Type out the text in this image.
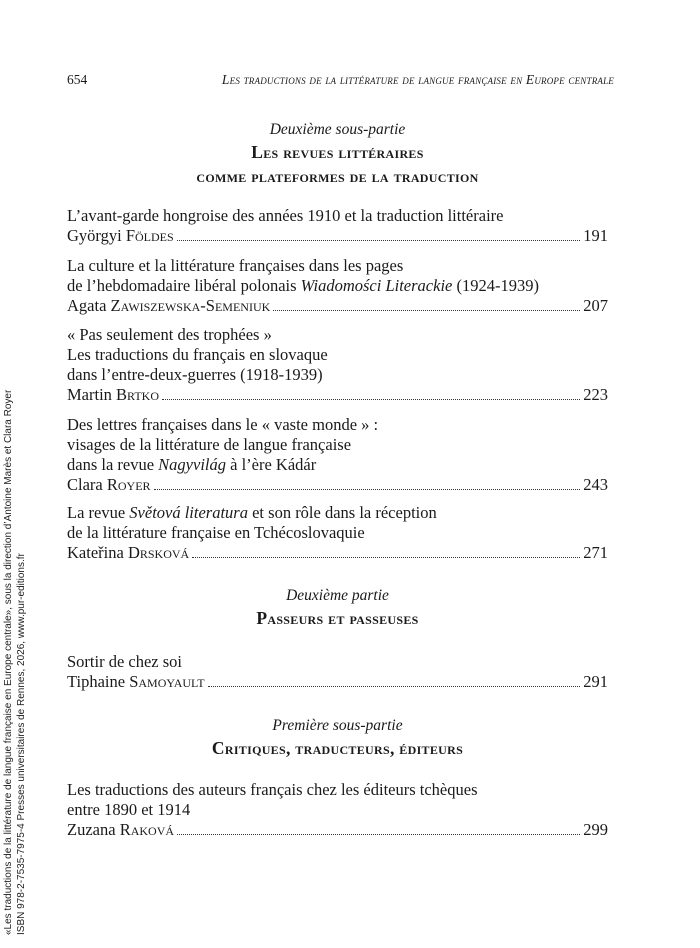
654	Les traductions de la littérature de langue française en Europe centrale
Deuxième sous-partie
Les revues littéraires
comme plateformes de la traduction
L’avant-garde hongroise des années 1910 et la traduction littéraire
Györgyi Földes	191
La culture et la littérature françaises dans les pages
de l’hebdomadaire libéral polonais Wiadomości Literackie (1924-1939)
Agata Zawiszewska-Semeniuk	207
« Pas seulement des trophées »
Les traductions du français en slovaque
dans l’entre-deux-guerres (1918-1939)
Martin Brtko	223
Des lettres françaises dans le « vaste monde » :
visages de la littérature de langue française
dans la revue Nagyvilág à l’ère Kádár
Clara Royer	243
La revue Světová literatura et son rôle dans la réception
de la littérature française en Tchécoslovaquie
Kateřina Drsková	271
Deuxième partie
Passeurs et passeuses
Sortir de chez soi
Tiphaine Samoyault	291
Première sous-partie
Critiques, traducteurs, éditeurs
Les traductions des auteurs français chez les éditeurs tchèques
entre 1890 et 1914
Zuzana Raková	299
«Les traductions de la littérature de langue française en Europe centrale», sous la direction d’Antoine Marès et Clara Royer ISBN 978-2-7535-7975-4 Presses universitaires de Rennes, 2026, www.pur-editions.fr
